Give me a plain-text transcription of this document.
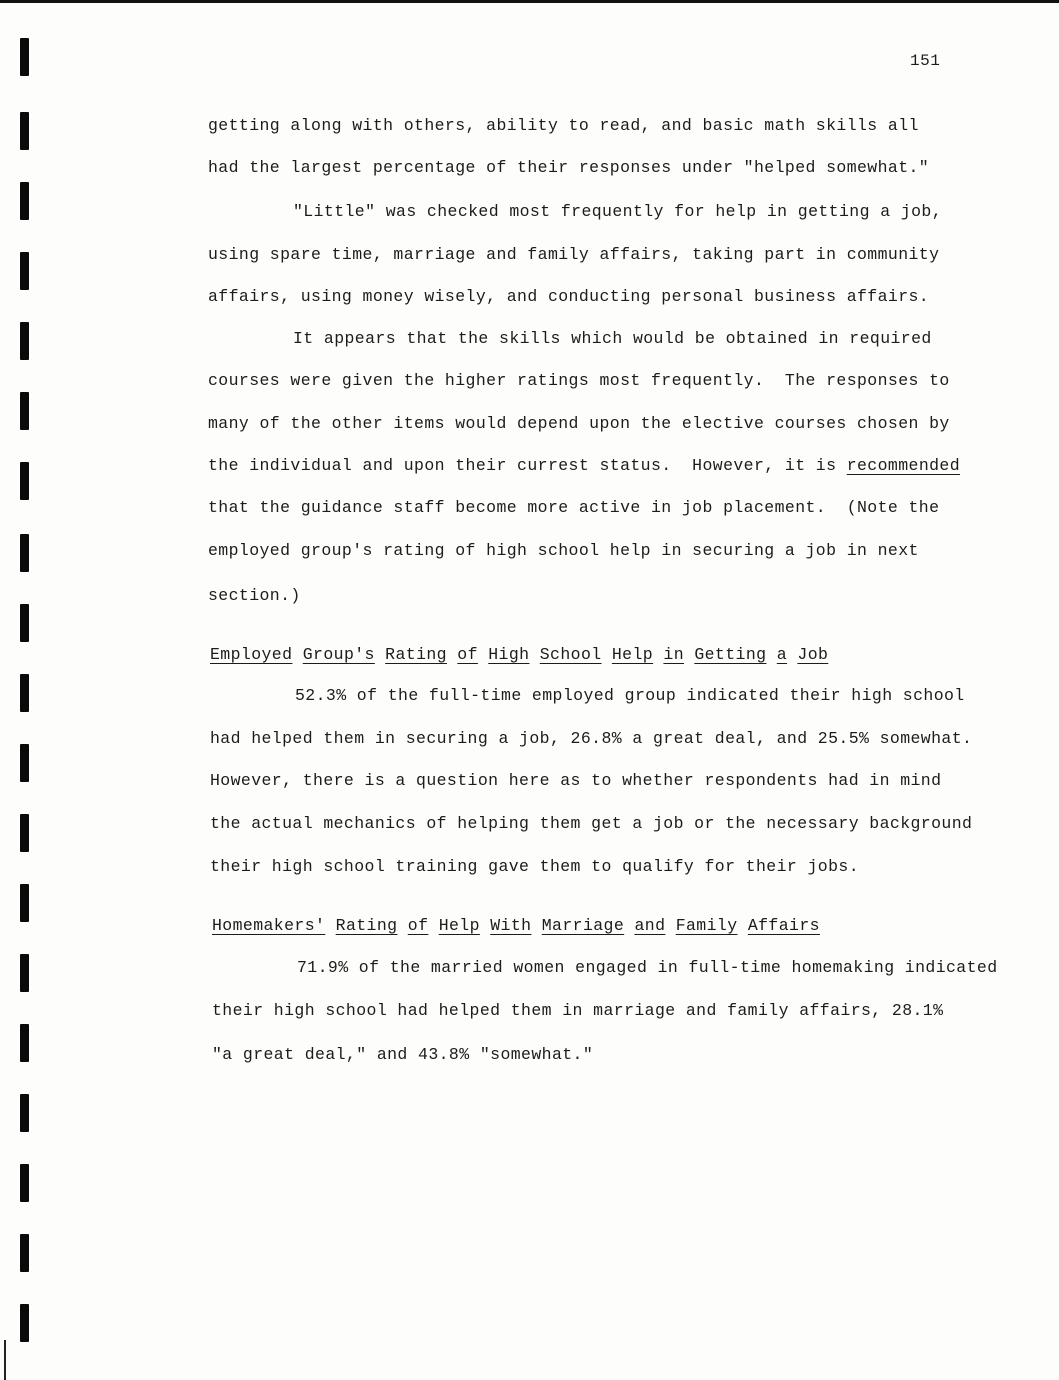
151
getting along with others, ability to read, and basic math skills all
had the largest percentage of their responses under "helped somewhat."
"Little" was checked most frequently for help in getting a job,
using spare time, marriage and family affairs, taking part in community
affairs, using money wisely, and conducting personal business affairs.
It appears that the skills which would be obtained in required
courses were given the higher ratings most frequently.  The responses to
many of the other items would depend upon the elective courses chosen by
the individual and upon their currest status.  However, it is recommended
that the guidance staff become more active in job placement.  (Note the
employed group's rating of high school help in securing a job in next
section.)
Employed Group's Rating of High School Help in Getting a Job
52.3% of the full-time employed group indicated their high school
had helped them in securing a job, 26.8% a great deal, and 25.5% somewhat.
However, there is a question here as to whether respondents had in mind
the actual mechanics of helping them get a job or the necessary background
their high school training gave them to qualify for their jobs.
Homemakers' Rating of Help With Marriage and Family Affairs
71.9% of the married women engaged in full-time homemaking indicated
their high school had helped them in marriage and family affairs, 28.1%
"a great deal," and 43.8% "somewhat."
